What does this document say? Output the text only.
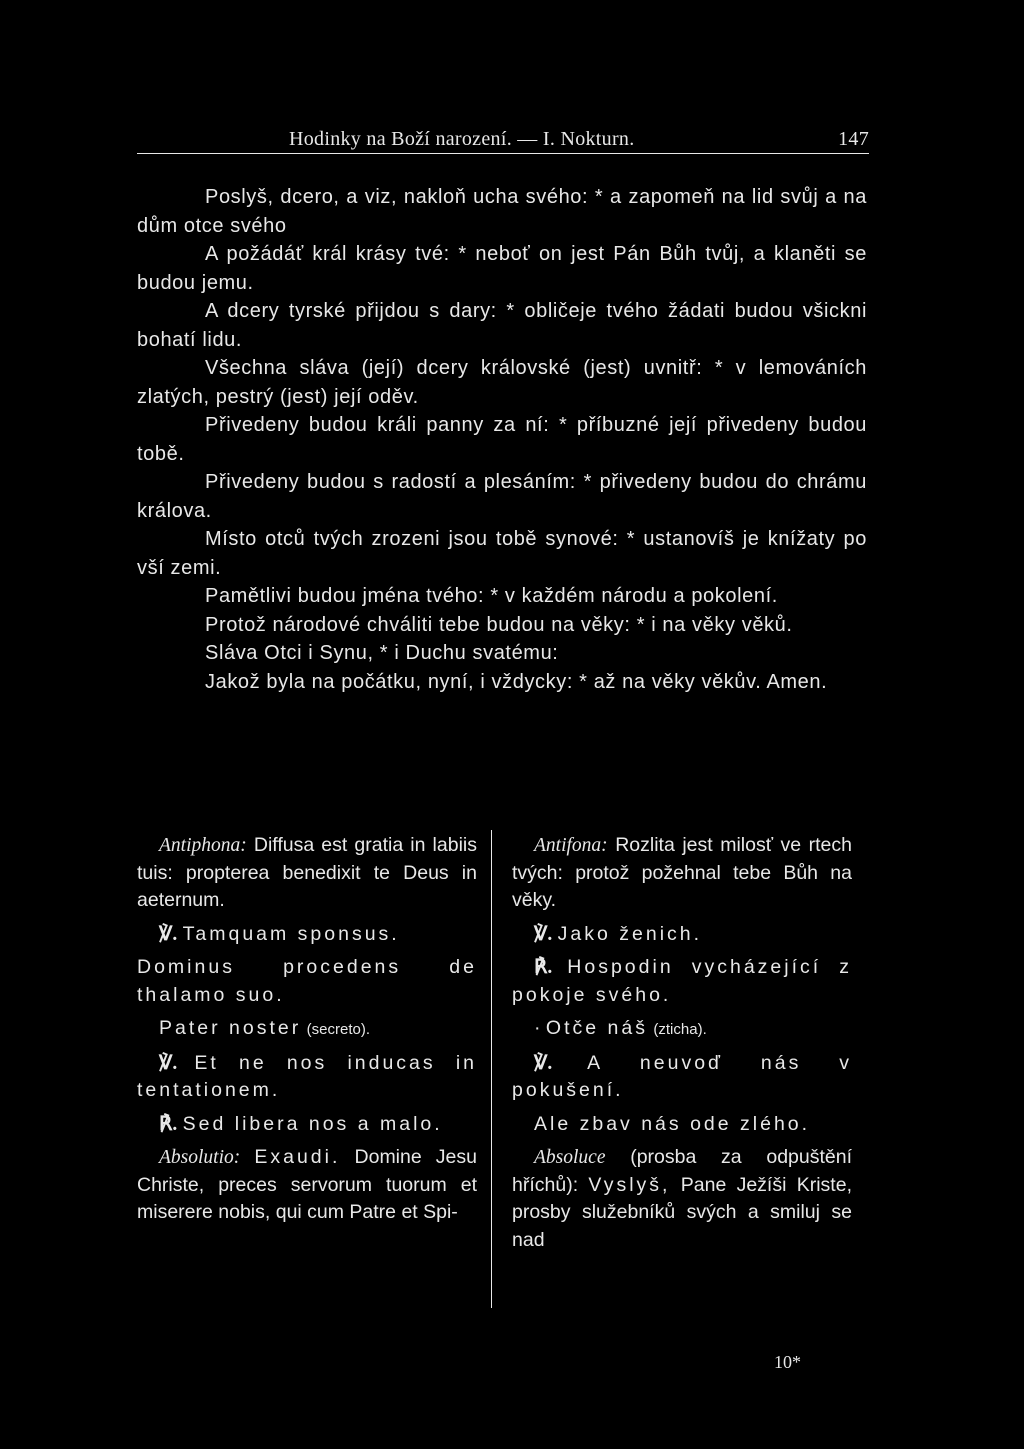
Hodinky na Boží narození. — I. Nokturn.	147

Poslyš, dcero, a viz, nakloň ucha svého: * a zapomeň na lid svůj a na dům otce svého

A požádáť král krásy tvé: * neboť on jest Pán Bůh tvůj, a klaněti se budou jemu.

A dcery tyrské přijdou s dary: * obličeje tvého žádati budou všickni bohatí lidu.

Všechna sláva (její) dcery královské (jest) uvnitř: * v lemováních zlatých, pestrý (jest) její oděv.

Přivedeny budou králi panny za ní: * příbuzné její přivedeny budou tobě.

Přivedeny budou s radostí a plesáním: * přivedeny budou do chrámu králova.

Místo otců tvých zrozeni jsou tobě synové: * ustanovíš je knížaty po vší zemi.

Pamětlivi budou jména tvého: * v každém národu a pokolení.

Protož národové chváliti tebe budou na věky: * i na věky věků.

Sláva Otci i Synu, * i Duchu svatému:

Jakož byla na počátku, nyní, i vždycky: * až na věky věkův. Amen.

Antiphona: Diffusa est gratia in labiis tuis: propterea benedixit te Deus in aeternum.

℣. Tamquam sponsus.

Dominus procedens de thalamo suo.

Pater noster (secreto).

℣. Et ne nos inducas in tentationem.

℟. Sed libera nos a malo.

Absolutio: Exaudi. Domine Jesu Christe, preces servorum tuorum et miserere nobis, qui cum Patre et Spi-

Antifona: Rozlita jest milosť ve rtech tvých: protož požehnal tebe Bůh na věky.

℣. Jako ženich.

℟. Hospodin vycházející z pokoje svého.

· Otče náš (zticha).

℣. A neuvoď nás v pokušení.

Ale zbav nás ode zlého.

Absoluce (prosba za odpuštění hříchů): Vyslyš, Pane Ježíši Kriste, prosby služebníků svých a smiluj se nad

10*
